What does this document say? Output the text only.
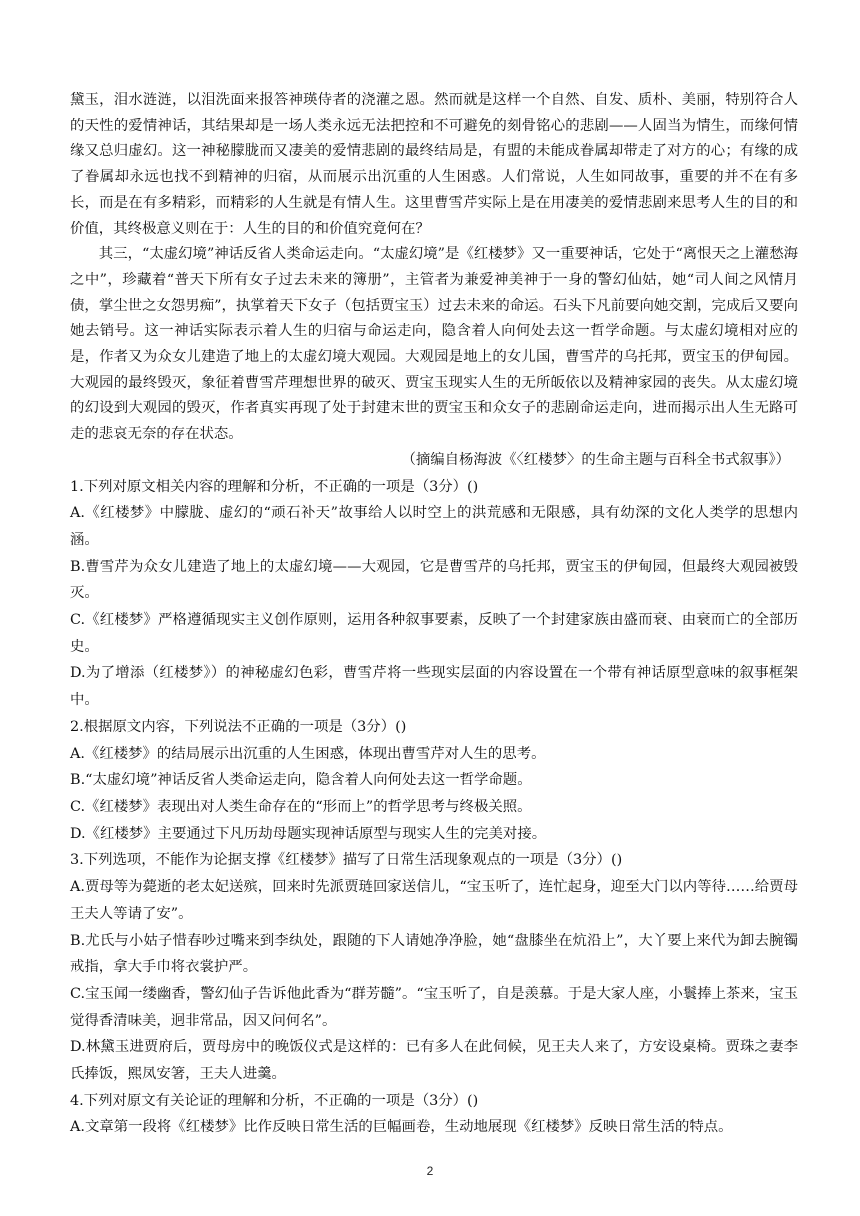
黛玉，泪水涟涟，以泪洗面来报答神瑛侍者的浇灌之恩。然而就是这样一个自然、自发、质朴、美丽，特别符合人的天性的爱情神话，其结果却是一场人类永远无法把控和不可避免的刻骨铭心的悲剧——人固当为情生，而缘何情缘又总归虚幻。这一神秘朦胧而又凄美的爱情悲剧的最终结局是，有盟的未能成眷属却带走了对方的心；有缘的成了眷属却永远也找不到精神的归宿，从而展示出沉重的人生困惑。人们常说，人生如同故事，重要的并不在有多长，而是在有多精彩，而精彩的人生就是有情人生。这里曹雪芹实际上是在用凄美的爱情悲剧来思考人生的目的和价值，其终极意义则在于：人生的目的和价值究竟何在？

其三，“太虚幻境”神话反省人类命运走向。“太虚幻境”是《红楼梦》又一重要神话，它处于“离恨天之上灌愁海之中”，珍藏着“普天下所有女子过去未来的簿册”，主管者为兼爱神美神于一身的警幻仙姑，她“司人间之风情月债，掌尘世之女怨男痴”，执掌着天下女子（包括贾宝玉）过去未来的命运。石头下凡前要向她交割，完成后又要向她去销号。这一神话实际表示着人生的归宿与命运走向，隐含着人向何处去这一哲学命题。与太虚幻境相对应的是，作者又为众女儿建造了地上的太虚幻境大观园。大观园是地上的女儿国，曹雪芹的乌托邦，贾宝玉的伊甸园。大观园的最终毁灭，象征着曹雪芹理想世界的破灭、贾宝玉现实人生的无所皈依以及精神家园的丧失。从太虚幻境的幻设到大观园的毁灭，作者真实再现了处于封建末世的贾宝玉和众女子的悲剧命运走向，进而揭示出人生无路可走的悲哀无奈的存在状态。

（摘编自杨海波《〈红楼梦〉的生命主题与百科全书式叙事》）

1.下列对原文相关内容的理解和分析，不正确的一项是（3分）()

A.《红楼梦》中朦胧、虚幻的“顽石补天”故事给人以时空上的洪荒感和无限感，具有幼深的文化人类学的思想内涵。

B.曹雪芹为众女儿建造了地上的太虚幻境——大观园，它是曹雪芹的乌托邦，贾宝玉的伊甸园，但最终大观园被毁灭。

C.《红楼梦》严格遵循现实主义创作原则，运用各种叙事要素，反映了一个封建家族由盛而衰、由衰而亡的全部历史。

D.为了增添（红楼梦》）的神秘虚幻色彩，曹雪芹将一些现实层面的内容设置在一个带有神话原型意味的叙事框架中。

2.根据原文内容，下列说法不正确的一项是（3分）()

A.《红楼梦》的结局展示出沉重的人生困惑，体现出曹雪芹对人生的思考。

B.“太虚幻境”神话反省人类命运走向，隐含着人向何处去这一哲学命题。

C.《红楼梦》表现出对人类生命存在的“形而上”的哲学思考与终极关照。

D.《红楼梦》主要通过下凡历劫母题实现神话原型与现实人生的完美对接。

3.下列选项，不能作为论据支撑《红楼梦》描写了日常生活现象观点的一项是（3分）()

A.贾母等为薨逝的老太妃送殡，回来时先派贾琏回家送信儿，“宝玉听了，连忙起身，迎至大门以内等待……给贾母王夫人等请了安”。

B.尤氏与小姑子惜春吵过嘴来到李纨处，跟随的下人请她净净脸，她“盘膝坐在炕沿上”，大丫要上来代为卸去腕镯戒指，拿大手巾将衣裳护严。

C.宝玉闻一缕幽香，警幻仙子告诉他此香为“群芳髓”。“宝玉听了，自是羡慕。于是大家人座，小鬟捧上茶来，宝玉觉得香清味美，迥非常品，因又问何名”。

D.林黛玉进贾府后，贾母房中的晚饭仪式是这样的：已有多人在此伺候，见王夫人来了，方安设桌椅。贾珠之妻李氏捧饭，熙凤安箸，王夫人进羹。

4.下列对原文有关论证的理解和分析，不正确的一项是（3分）()

A.文章第一段将《红楼梦》比作反映日常生活的巨幅画卷，生动地展现《红楼梦》反映日常生活的特点。

2
